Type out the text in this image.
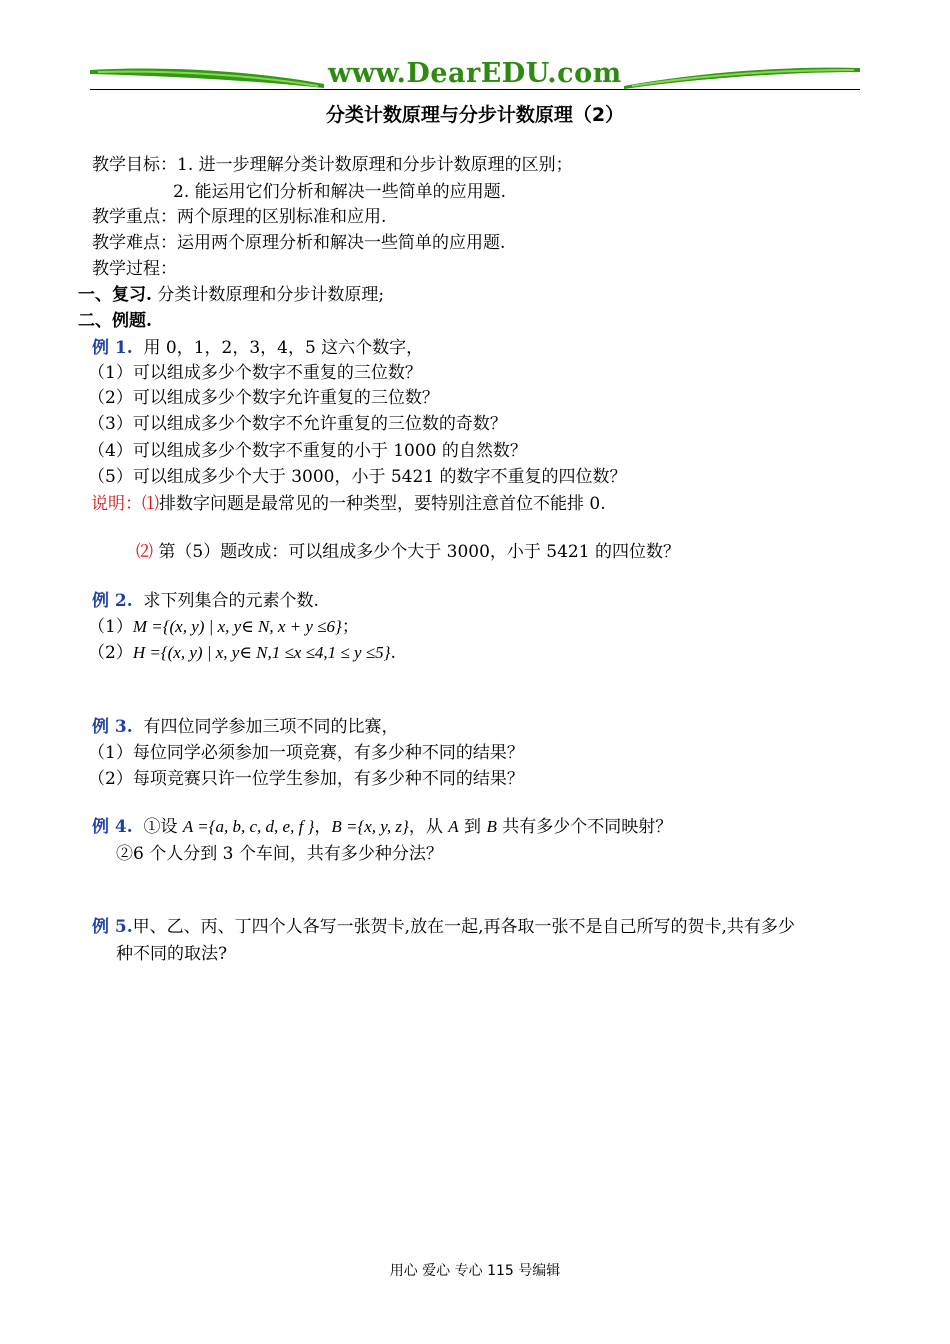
www.DearEDU.com
分类计数原理与分步计数原理（2）
教学目标：1. 进一步理解分类计数原理和分步计数原理的区别；
2. 能运用它们分析和解决一些简单的应用题.
教学重点：两个原理的区别标准和应用.
教学难点：运用两个原理分析和解决一些简单的应用题.
教学过程：
一、复习. 分类计数原理和分步计数原理;
二、例题.
例 1. 用 0，1，2，3，4，5 这六个数字，
（1）可以组成多少个数字不重复的三位数？
（2）可以组成多少个数字允许重复的三位数？
（3）可以组成多少个数字不允许重复的三位数的奇数？
（4）可以组成多少个数字不重复的小于 1000 的自然数？
（5）可以组成多少个大于 3000，小于 5421 的数字不重复的四位数？
说明：⑴排数字问题是最常见的一种类型，要特别注意首位不能排 0.
⑵ 第（5）题改成：可以组成多少个大于 3000，小于 5421 的四位数？
例 2. 求下列集合的元素个数.
（1）M ={(x, y) | x, y∈ N, x + y ≤6}；
（2）H ={(x, y) | x, y∈ N,1 ≤x ≤4,1 ≤ y ≤5}.
例 3. 有四位同学参加三项不同的比赛，
（1）每位同学必须参加一项竞赛，有多少种不同的结果？
（2）每项竞赛只许一位学生参加，有多少种不同的结果？
例 4. ①设 A ={a, b, c, d, e, f }，B ={x, y, z}，从 A 到 B 共有多少个不同映射？
②6 个人分到 3 个车间，共有多少种分法？
例 5.甲、乙、丙、丁四个人各写一张贺卡,放在一起,再各取一张不是自己所写的贺卡,共有多少
种不同的取法?
用心 爱心 专心 115 号编辑
